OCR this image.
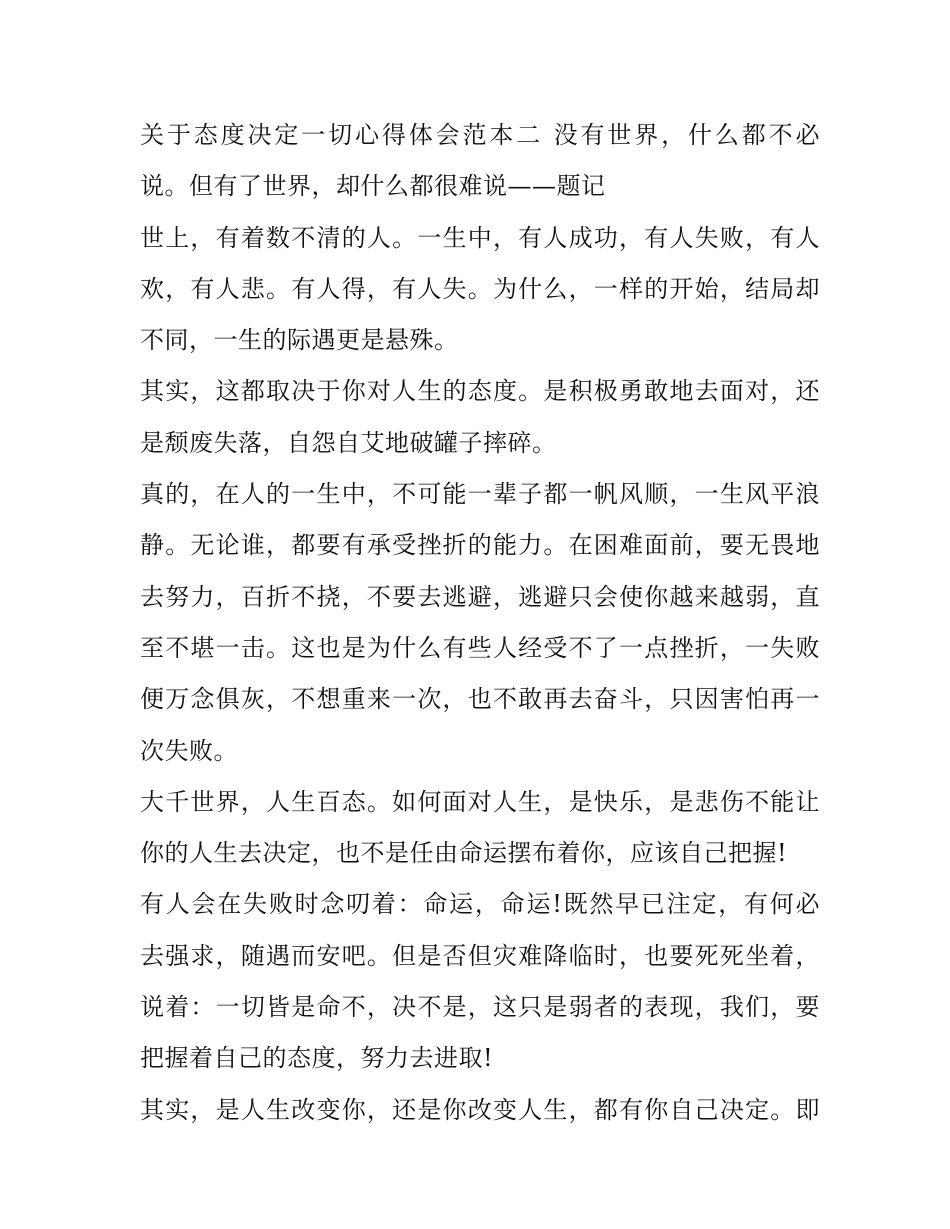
关于态度决定一切心得体会范本二 没有世界，什么都不必
说。但有了世界，却什么都很难说——题记
世上，有着数不清的人。一生中，有人成功，有人失败，有人
欢，有人悲。有人得，有人失。为什么，一样的开始，结局却
不同，一生的际遇更是悬殊。
其实，这都取决于你对人生的态度。是积极勇敢地去面对，还
是颓废失落，自怨自艾地破罐子摔碎。
真的，在人的一生中，不可能一辈子都一帆风顺，一生风平浪
静。无论谁，都要有承受挫折的能力。在困难面前，要无畏地
去努力，百折不挠，不要去逃避，逃避只会使你越来越弱，直
至不堪一击。这也是为什么有些人经受不了一点挫折，一失败
便万念俱灰，不想重来一次，也不敢再去奋斗，只因害怕再一
次失败。
大千世界，人生百态。如何面对人生，是快乐，是悲伤不能让
你的人生去决定，也不是任由命运摆布着你，应该自己把握!
有人会在失败时念叨着：命运，命运!既然早已注定，有何必
去强求，随遇而安吧。但是否但灾难降临时，也要死死坐着，
说着：一切皆是命不，决不是，这只是弱者的表现，我们，要
把握着自己的态度，努力去进取!
其实，是人生改变你，还是你改变人生，都有你自己决定。即
